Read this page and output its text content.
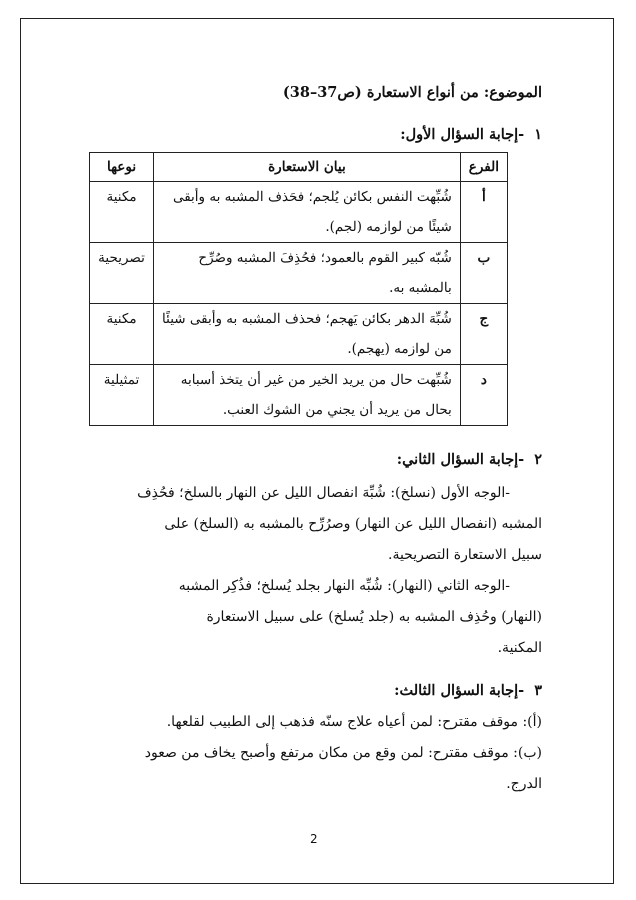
الموضوع: من أنواع الاستعارة (ص37–38)
١
-إجابة السؤال الأول:
الفرع	بيان الاستعارة	نوعها
أ	شُبِّهت النفس بكائن يُلجم؛ فحَذف المشبه به وأبقى
شيئًا من لوازمه (لجم).	مكنية
ب	شُبّه كبير القوم بالعمود؛ فحُذِفَ المشبه وصُرِّح
بالمشبه به.	تصريحية
ج	شُبِّهَ الدهر بكائن يَهجم؛ فحذف المشبه به وأبقى شيئًا
من لوازمه (يهجم).	مكنية
د	شُبِّهت حال من يريد الخير من غير أن يتخذ أسبابه
بحال من يريد أن يجني من الشوك العنب.	تمثيلية
٢
-إجابة السؤال الثاني:
-الوجه الأول (نسلخ): شُبِّهَ انفصال الليل عن النهار بالسلخ؛ فحُذِف
المشبه (انفصال الليل عن النهار) وصرُرِّح بالمشبه به (السلخ) على
سبيل الاستعارة التصريحية.
-الوجه الثاني (النهار): شُبِّه النهار بجلد يُسلخ؛ فذُكِر المشبه
(النهار) وحُذِف المشبه به (جلد يُسلخ) على سبيل الاستعارة
المكنية.
٣
-إجابة السؤال الثالث:
(أ): موقف مقترح: لمن أعياه علاج سنّه فذهب إلى الطبيب لقلعها.
(ب): موقف مقترح: لمن وقع من مكان مرتفع وأصبح يخاف من صعود
الدرج.
2
